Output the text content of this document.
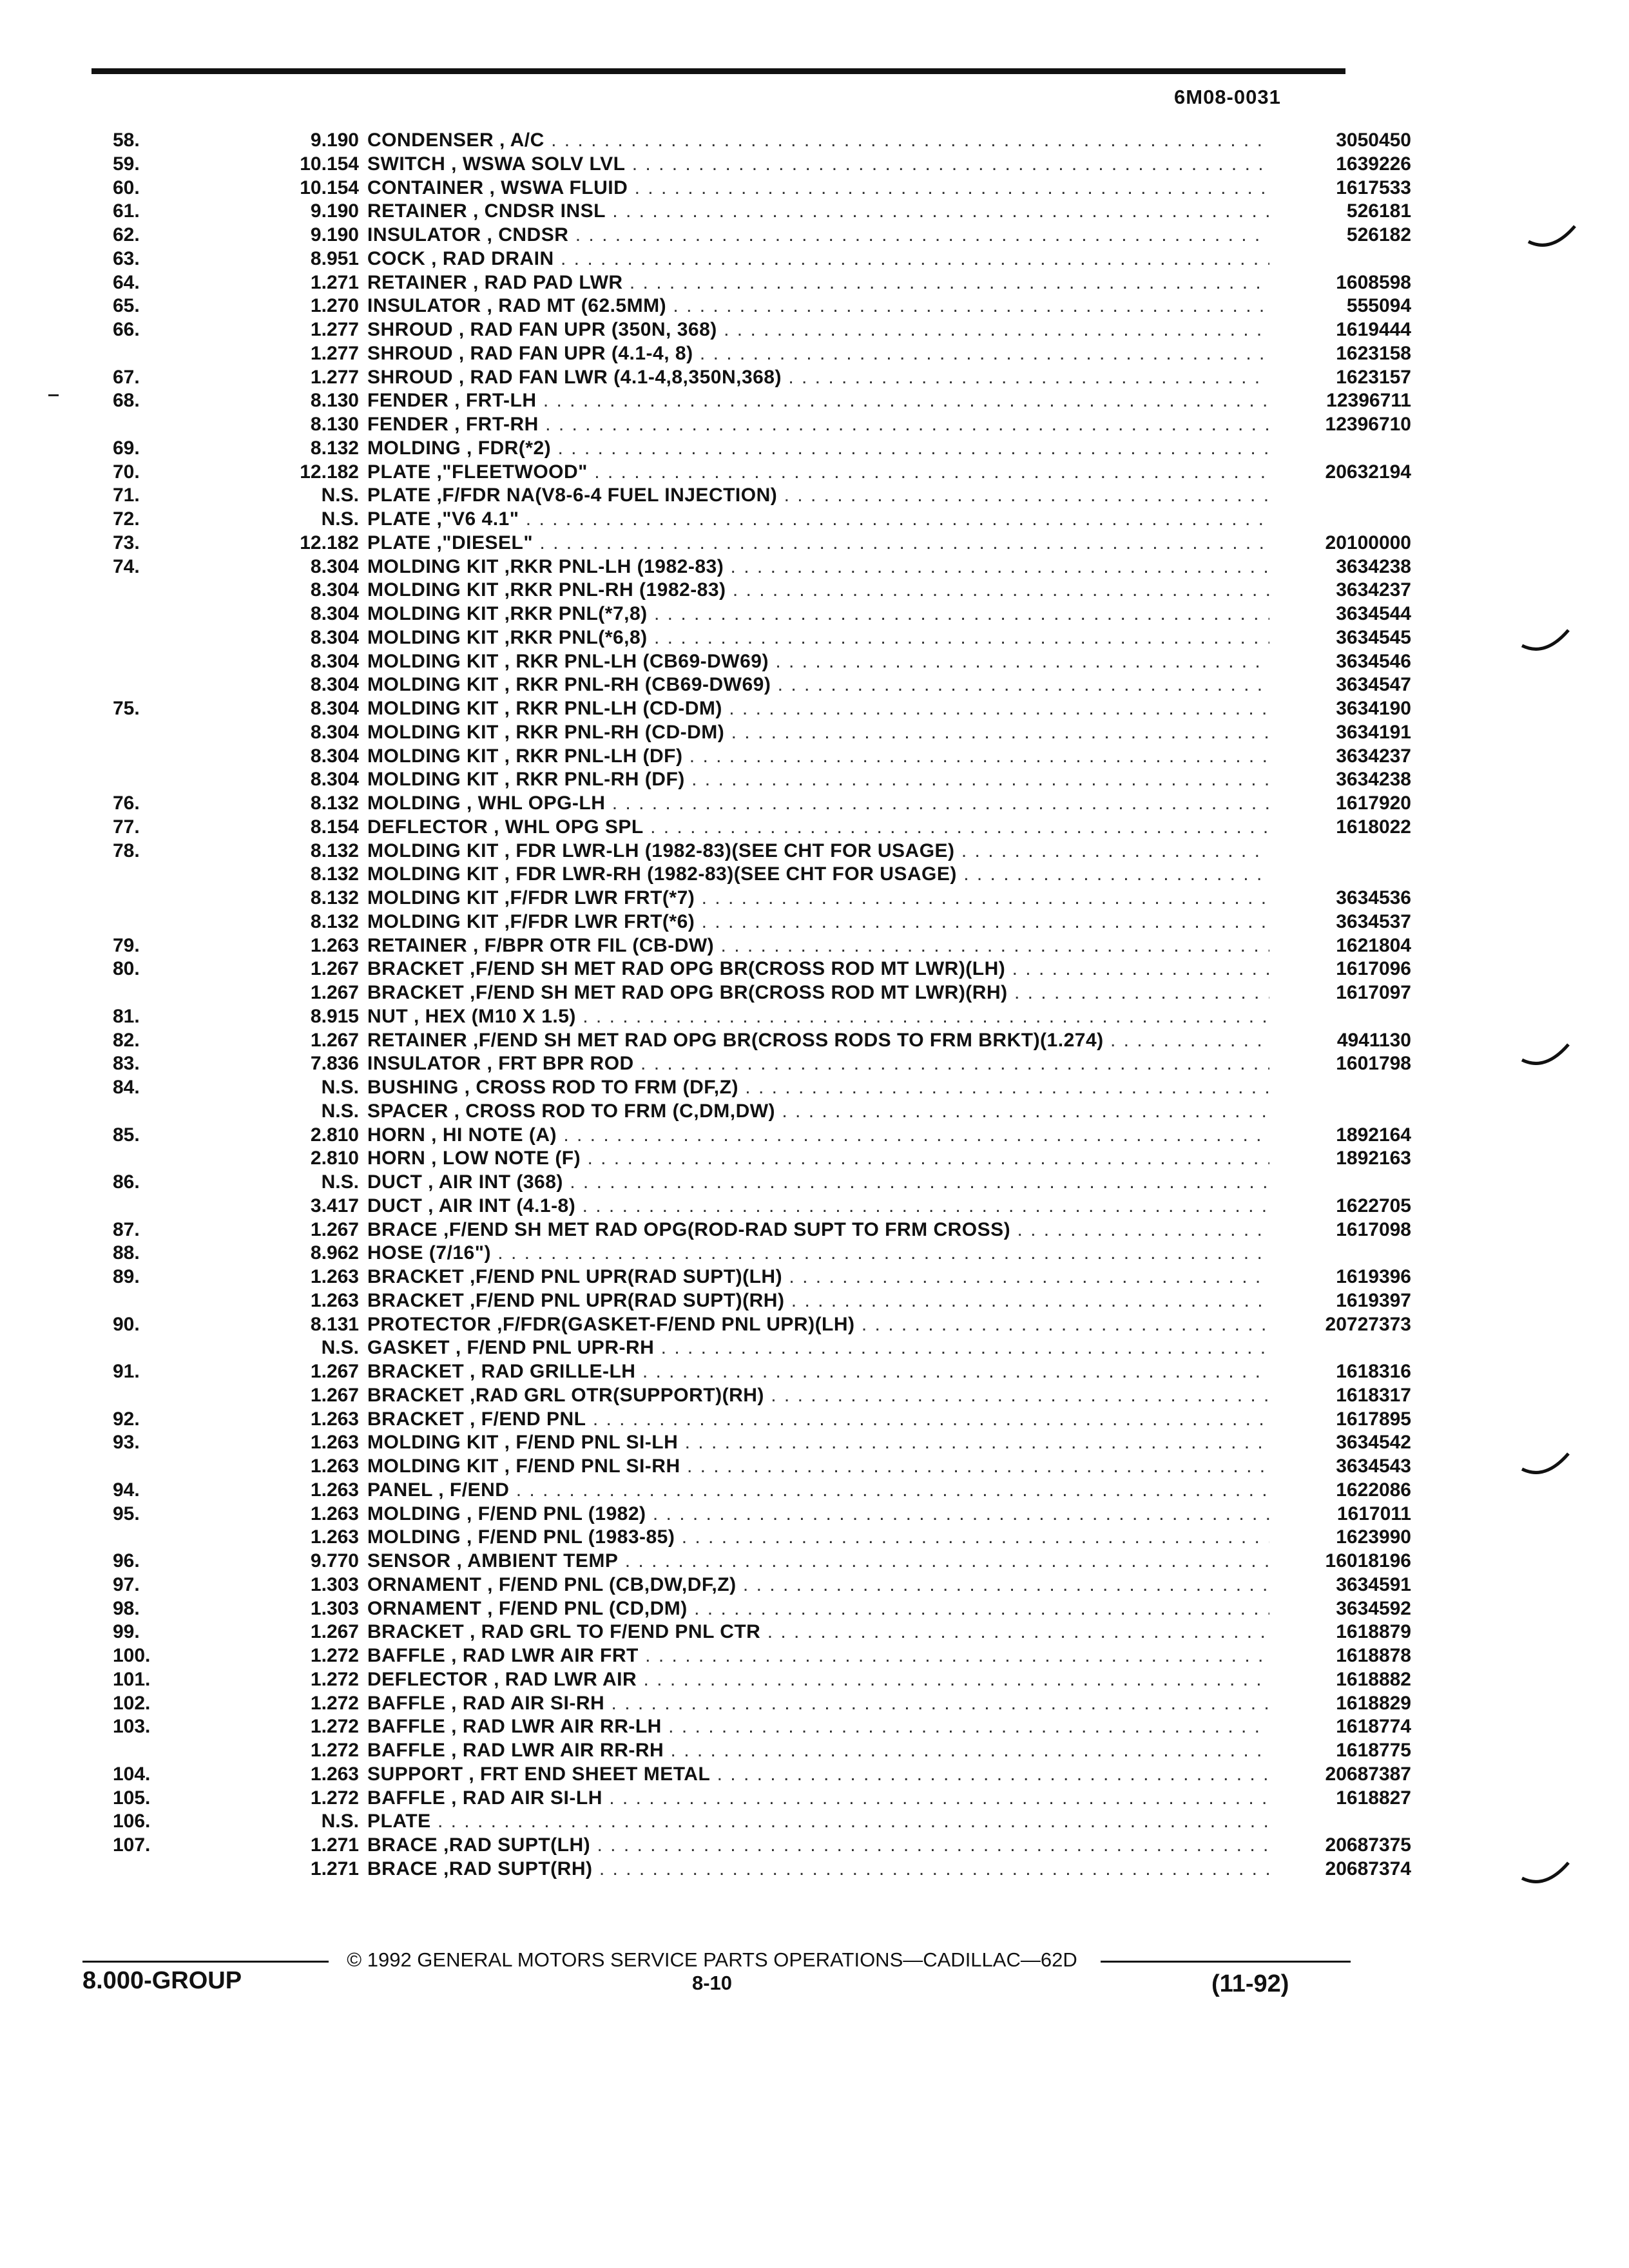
6M08-0031
58.	9.190 CONDENSER , A/C . . .	3050450
59.	10.154 SWITCH , WSWA SOLV LVL . . .	1639226
60.	10.154 CONTAINER , WSWA FLUID . . .	1617533
61.	9.190 RETAINER , CNDSR INSL . . .	526181
62.	9.190 INSULATOR , CNDSR . . .	526182
63.	8.951 COCK , RAD DRAIN . . .
64.	1.271 RETAINER , RAD PAD LWR . . .	1608598
65.	1.270 INSULATOR , RAD MT (62.5MM) . . .	555094
66.	1.277 SHROUD , RAD FAN UPR (350N, 368) . . .	1619444
1.277 SHROUD , RAD FAN UPR (4.1-4, 8) . . .	1623158
67.	1.277 SHROUD , RAD FAN LWR (4.1-4,8,350N,368) . . .	1623157
68.	8.130 FENDER , FRT-LH . . .	12396711
8.130 FENDER , FRT-RH . . .	12396710
69.	8.132 MOLDING , FDR(*2) . . .
70.	12.182 PLATE ,"FLEETWOOD" . . .	20632194
71.	N.S. PLATE ,F/FDR NA(V8-6-4 FUEL INJECTION) . . .
72.	N.S. PLATE ,"V6 4.1" . . .
73.	12.182 PLATE ,"DIESEL" . . .	20100000
74.	8.304 MOLDING KIT ,RKR PNL-LH (1982-83) . . .	3634238
8.304 MOLDING KIT ,RKR PNL-RH (1982-83) . . .	3634237
8.304 MOLDING KIT ,RKR PNL(*7,8) . . .	3634544
8.304 MOLDING KIT ,RKR PNL(*6,8) . . .	3634545
8.304 MOLDING KIT , RKR PNL-LH (CB69-DW69) . . .	3634546
8.304 MOLDING KIT , RKR PNL-RH (CB69-DW69) . . .	3634547
75.	8.304 MOLDING KIT , RKR PNL-LH (CD-DM) . . .	3634190
8.304 MOLDING KIT , RKR PNL-RH (CD-DM) . . .	3634191
8.304 MOLDING KIT , RKR PNL-LH (DF) . . .	3634237
8.304 MOLDING KIT , RKR PNL-RH (DF) . . .	3634238
76.	8.132 MOLDING , WHL OPG-LH . . .	1617920
77.	8.154 DEFLECTOR , WHL OPG SPL . . .	1618022
78.	8.132 MOLDING KIT , FDR LWR-LH (1982-83)(SEE CHT FOR USAGE) . . .
8.132 MOLDING KIT , FDR LWR-RH (1982-83)(SEE CHT FOR USAGE) . . .
8.132 MOLDING KIT ,F/FDR LWR FRT(*7) . . .	3634536
8.132 MOLDING KIT ,F/FDR LWR FRT(*6) . . .	3634537
79.	1.263 RETAINER , F/BPR OTR FIL (CB-DW) . . .	1621804
80.	1.267 BRACKET ,F/END SH MET RAD OPG BR(CROSS ROD MT LWR)(LH) . . .	1617096
1.267 BRACKET ,F/END SH MET RAD OPG BR(CROSS ROD MT LWR)(RH) . . .	1617097
81.	8.915 NUT , HEX (M10 X 1.5) . . .
82.	1.267 RETAINER ,F/END SH MET RAD OPG BR(CROSS RODS TO FRM BRKT)(1.274) . . .	4941130
83.	7.836 INSULATOR , FRT BPR ROD . . .	1601798
84.	N.S. BUSHING , CROSS ROD TO FRM (DF,Z) . . .
N.S. SPACER , CROSS ROD TO FRM (C,DM,DW) . . .
85.	2.810 HORN , HI NOTE (A) . . .	1892164
2.810 HORN , LOW NOTE (F) . . .	1892163
86.	N.S. DUCT , AIR INT (368) . . .
3.417 DUCT , AIR INT (4.1-8) . . .	1622705
87.	1.267 BRACE ,F/END SH MET RAD OPG(ROD-RAD SUPT TO FRM CROSS) . . .	1617098
88.	8.962 HOSE (7/16") . . .
89.	1.263 BRACKET ,F/END PNL UPR(RAD SUPT)(LH) . . .	1619396
1.263 BRACKET ,F/END PNL UPR(RAD SUPT)(RH) . . .	1619397
90.	8.131 PROTECTOR ,F/FDR(GASKET-F/END PNL UPR)(LH) . . .	20727373
N.S. GASKET , F/END PNL UPR-RH . . .
91.	1.267 BRACKET , RAD GRILLE-LH . . .	1618316
1.267 BRACKET ,RAD GRL OTR(SUPPORT)(RH) . . .	1618317
92.	1.263 BRACKET , F/END PNL . . .	1617895
93.	1.263 MOLDING KIT , F/END PNL SI-LH . . .	3634542
1.263 MOLDING KIT , F/END PNL SI-RH . . .	3634543
94.	1.263 PANEL , F/END . . .	1622086
95.	1.263 MOLDING , F/END PNL (1982) . . .	1617011
1.263 MOLDING , F/END PNL (1983-85) . . .	1623990
96.	9.770 SENSOR , AMBIENT TEMP . . .	16018196
97.	1.303 ORNAMENT , F/END PNL (CB,DW,DF,Z) . . .	3634591
98.	1.303 ORNAMENT , F/END PNL (CD,DM) . . .	3634592
99.	1.267 BRACKET , RAD GRL TO F/END PNL CTR . . .	1618879
100.	1.272 BAFFLE , RAD LWR AIR FRT . . .	1618878
101.	1.272 DEFLECTOR , RAD LWR AIR . . .	1618882
102.	1.272 BAFFLE , RAD AIR SI-RH . . .	1618829
103.	1.272 BAFFLE , RAD LWR AIR RR-LH . . .	1618774
1.272 BAFFLE , RAD LWR AIR RR-RH . . .	1618775
104.	1.263 SUPPORT , FRT END SHEET METAL . . .	20687387
105.	1.272 BAFFLE , RAD AIR SI-LH . . .	1618827
106.	N.S. PLATE . . .
107.	1.271 BRACE ,RAD SUPT(LH) . . .	20687375
1.271 BRACE ,RAD SUPT(RH) . . .	20687374
© 1992 GENERAL MOTORS SERVICE PARTS OPERATIONS—CADILLAC—62D
8.000-GROUP	8-10	(11-92)
